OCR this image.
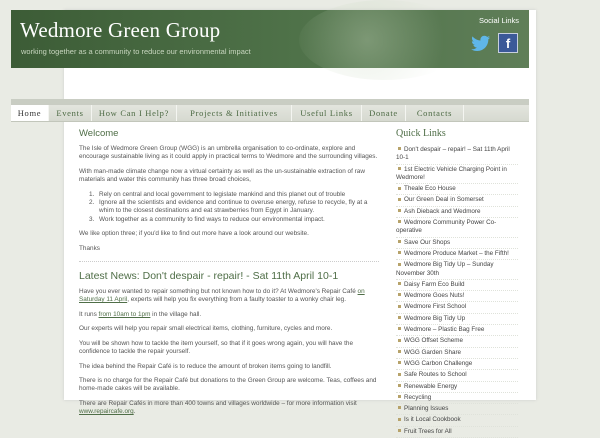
Wedmore Green Group
working together as a community to reduce our environmental impact
Social Links
f
Home	Events	How Can I Help?	Projects & Initiatives	Useful Links	Donate	Contacts
Welcome
The Isle of Wedmore Green Group (WGG) is an umbrella organisation to co-ordinate, explore and encourage sustainable living as it could apply in practical terms to Wedmore and the surrounding villages.
With man-made climate change now a virtual certainty as well as the un-sustainable extraction of raw materials and water this community has three broad choices,
1. Rely on central and local government to legislate mankind and this planet out of trouble
2. Ignore all the scientists and evidence and continue to overuse energy, refuse to recycle, fly at a whim to the closest destinations and eat strawberries from Egypt in January.
3. Work together as a community to find ways to reduce our environmental impact.
We like option three; if you'd like to find out more have a look around our website.
Thanks
Latest News: Don't despair - repair! - Sat 11th April 10-1
Have you ever wanted to repair something but not known how to do it? At Wedmore's Repair Café on Saturday 11 April, experts will help you fix everything from a faulty toaster to a wonky chair leg.
It runs from 10am to 1pm in the village hall.
Our experts will help you repair small electrical items, clothing, furniture, cycles and more.
You will be shown how to tackle the item yourself, so that if it goes wrong again, you will have the confidence to tackle the repair yourself.
The idea behind the Repair Café is to reduce the amount of broken items going to landfill.
There is no charge for the Repair Café but donations to the Green Group are welcome. Teas, coffees and home-made cakes will be available.
There are Repair Cafés in more than 400 towns and villages worldwide – for more information visit www.repaircafe.org.
Quick Links
Don't despair – repair! – Sat 11th April 10-1
1st Electric Vehicle Charging Point in Wedmore!
Theale Eco House
Our Green Deal in Somerset
Ash Dieback and Wedmore
Wedmore Community Power Co-operative
Save Our Shops
Wedmore Produce Market – the Fifth!
Wedmore Big Tidy Up – Sunday November 30th
Daisy Farm Eco Build
Wedmore Goes Nuts!
Wedmore First School
Wedmore Big Tidy Up
Wedmore – Plastic Bag Free
WGG Offset Scheme
WGG Garden Share
WGG Carbon Challenge
Safe Routes to School
Renewable Energy
Recycling
Planning Issues
Is it Local Cookbook
Fruit Trees for All
